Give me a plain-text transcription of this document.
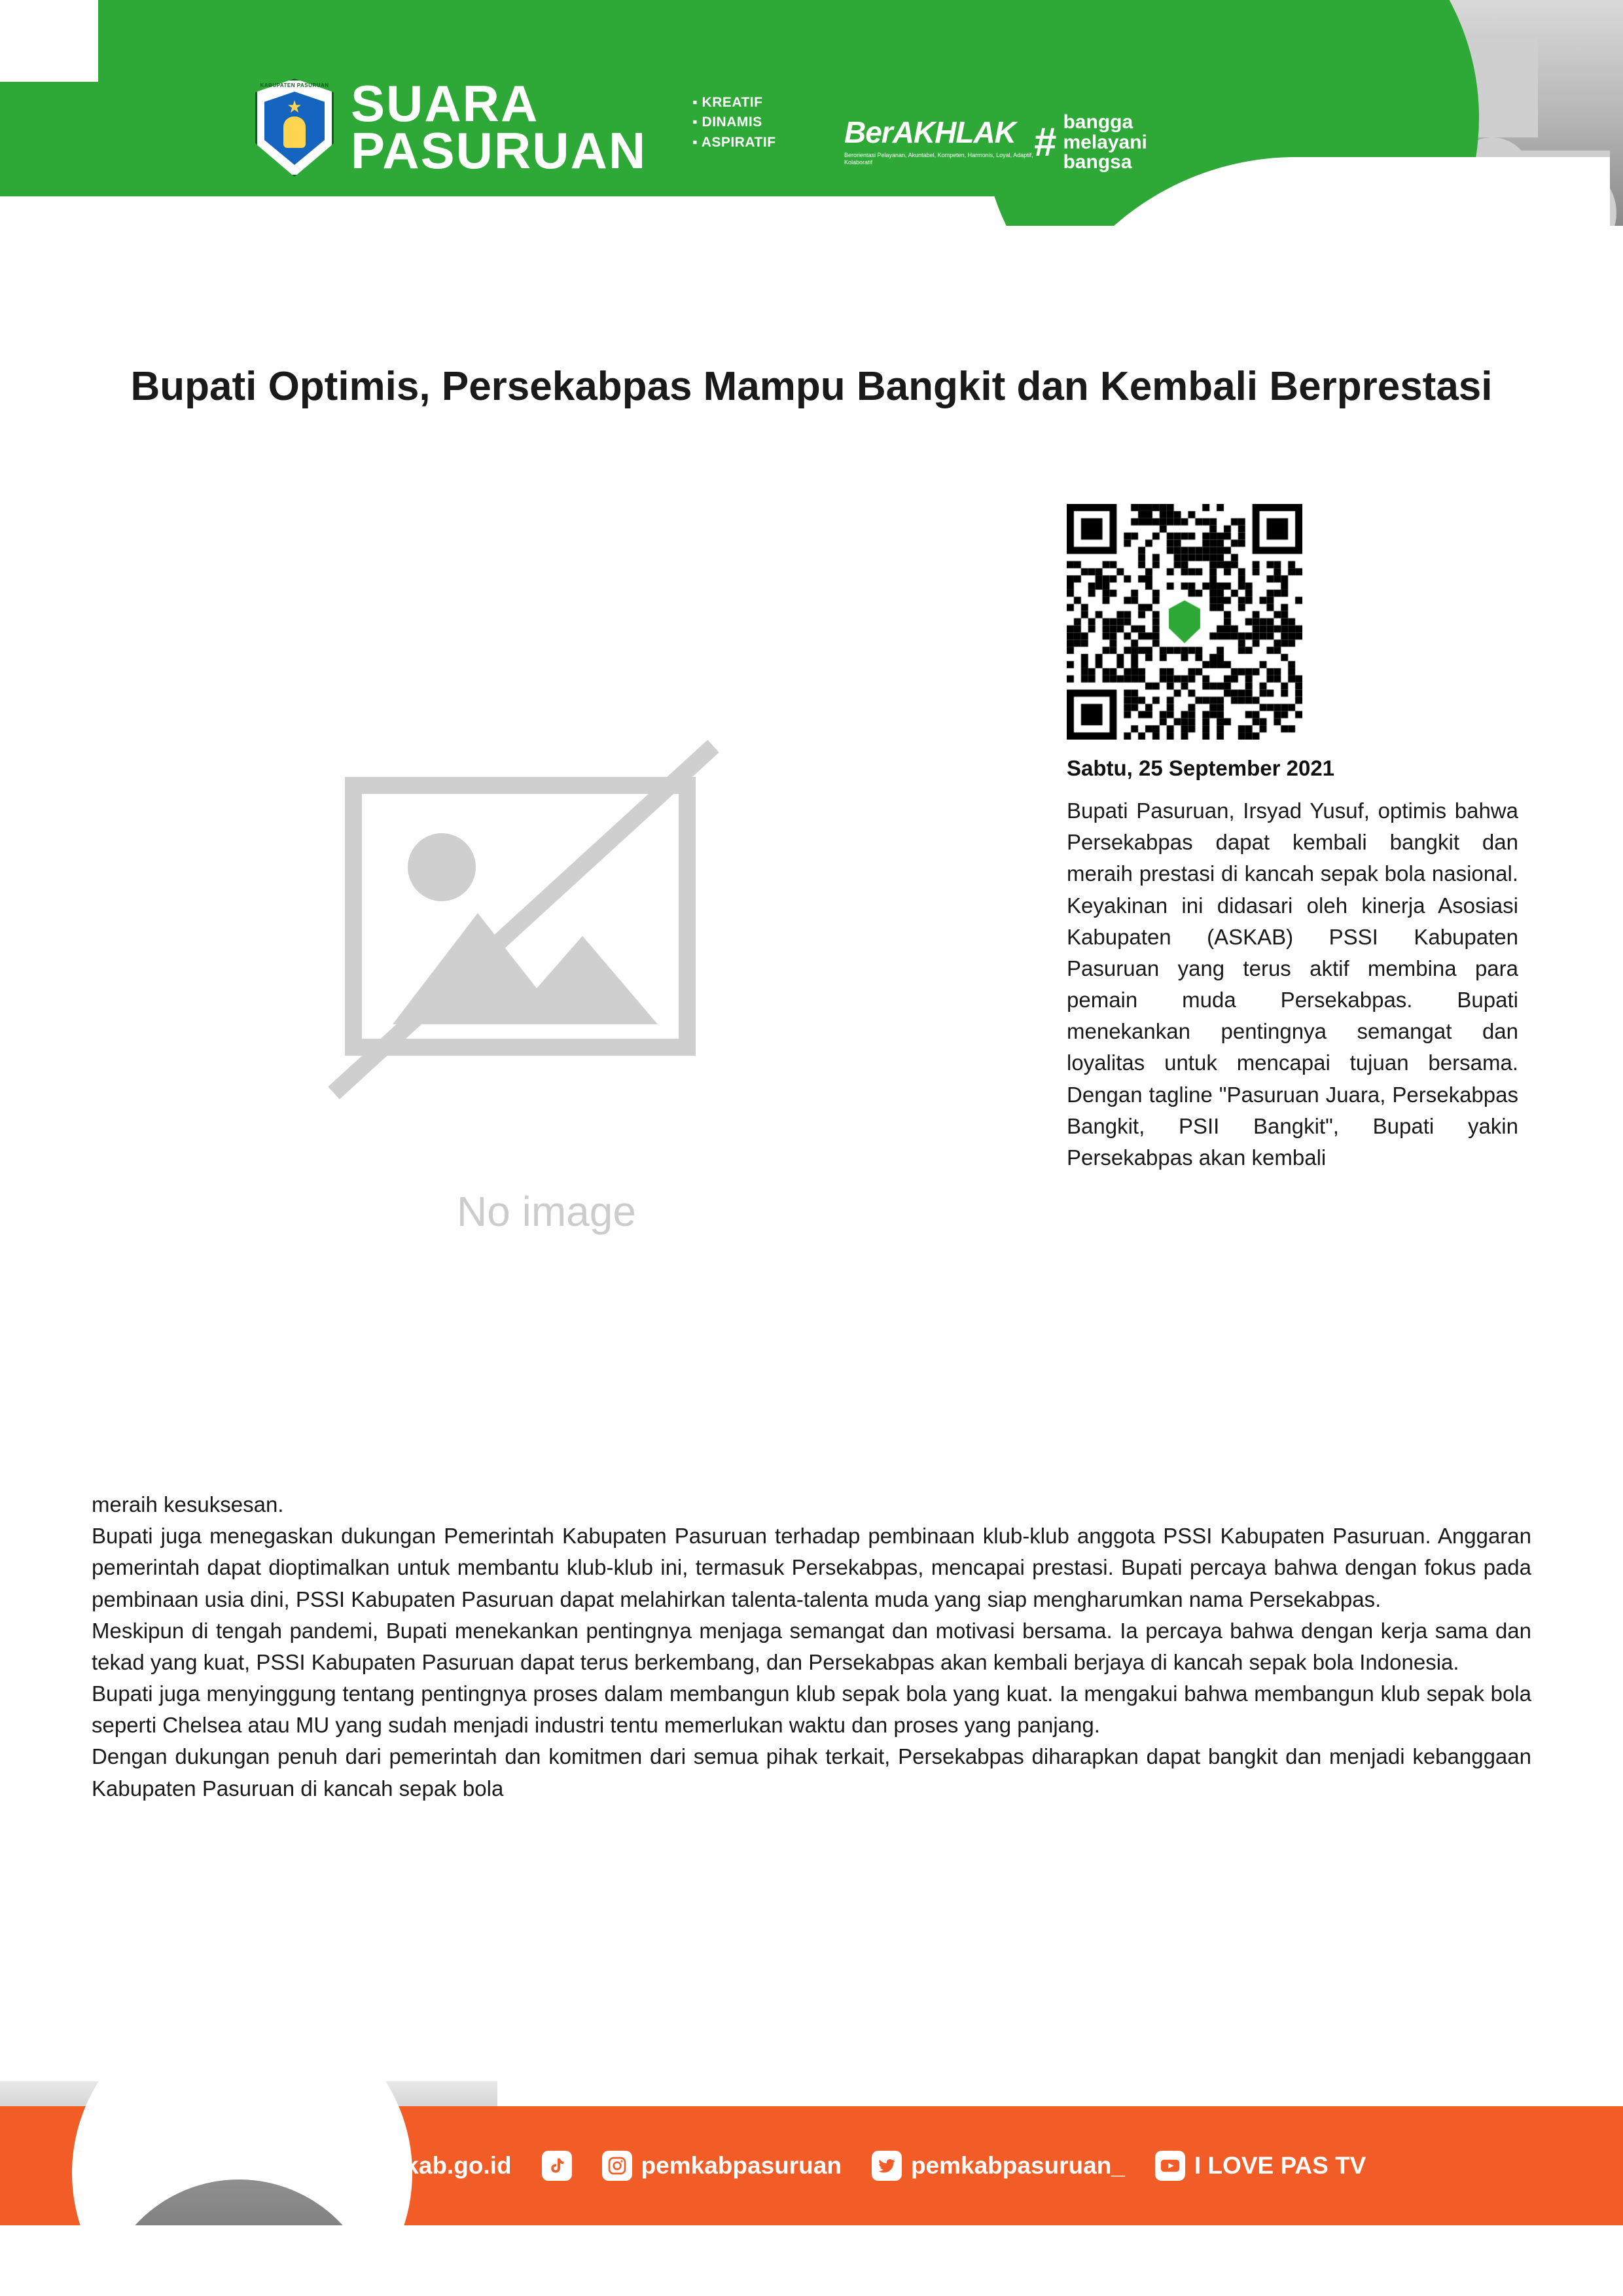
KABUPATEN PASURUAN
★ SUARA
PASURUAN
▪ KREATIF
▪ DINAMIS
▪ ASPIRATIF BerAKHLAK
Berorientasi Pelayanan, Akuntabel, Kompeten, Harmonis, Loyal, Adaptif, Kolaboratif	# bangga
melayani
bangsa
Bupati Optimis, Persekabpas Mampu Bangkit dan Kembali Berprestasi
No image
Sabtu, 25 September 2021
Bupati Pasuruan, Irsyad Yusuf, optimis bahwa Persekabpas dapat kembali bangkit dan meraih prestasi di kancah sepak bola nasional. Keyakinan ini didasari oleh kinerja Asosiasi Kabupaten (ASKAB) PSSI Kabupaten Pasuruan yang terus aktif membina para pemain muda Persekabpas. Bupati menekankan pentingnya semangat dan loyalitas untuk mencapai tujuan bersama. Dengan tagline "Pasuruan Juara, Persekabpas Bangkit, PSII Bangkit", Bupati yakin Persekabpas akan kembali

meraih kesuksesan.

Bupati juga menegaskan dukungan Pemerintah Kabupaten Pasuruan terhadap pembinaan klub-klub anggota PSSI Kabupaten Pasuruan. Anggaran pemerintah dapat dioptimalkan untuk membantu klub-klub ini, termasuk Persekabpas, mencapai prestasi. Bupati percaya bahwa dengan fokus pada pembinaan usia dini, PSSI Kabupaten Pasuruan dapat melahirkan talenta-talenta muda yang siap mengharumkan nama Persekabpas.

Meskipun di tengah pandemi, Bupati menekankan pentingnya menjaga semangat dan motivasi bersama. Ia percaya bahwa dengan kerja sama dan tekad yang kuat, PSSI Kabupaten Pasuruan dapat terus berkembang, dan Persekabpas akan kembali berjaya di kancah sepak bola Indonesia.

Bupati juga menyinggung tentang pentingnya proses dalam membangun klub sepak bola yang kuat. Ia mengakui bahwa membangun klub sepak bola seperti Chelsea atau MU yang sudah menjadi industri tentu memerlukan waktu dan proses yang panjang.

Dengan dukungan penuh dari pemerintah dan komitmen dari semua pihak terkait, Persekabpas diharapkan dapat bangkit dan menjadi kebanggaan Kabupaten Pasuruan di kancah sepak bola

pasuruankab.go.id	pemkabpasuruan	pemkabpasuruan_	I LOVE PAS TV
